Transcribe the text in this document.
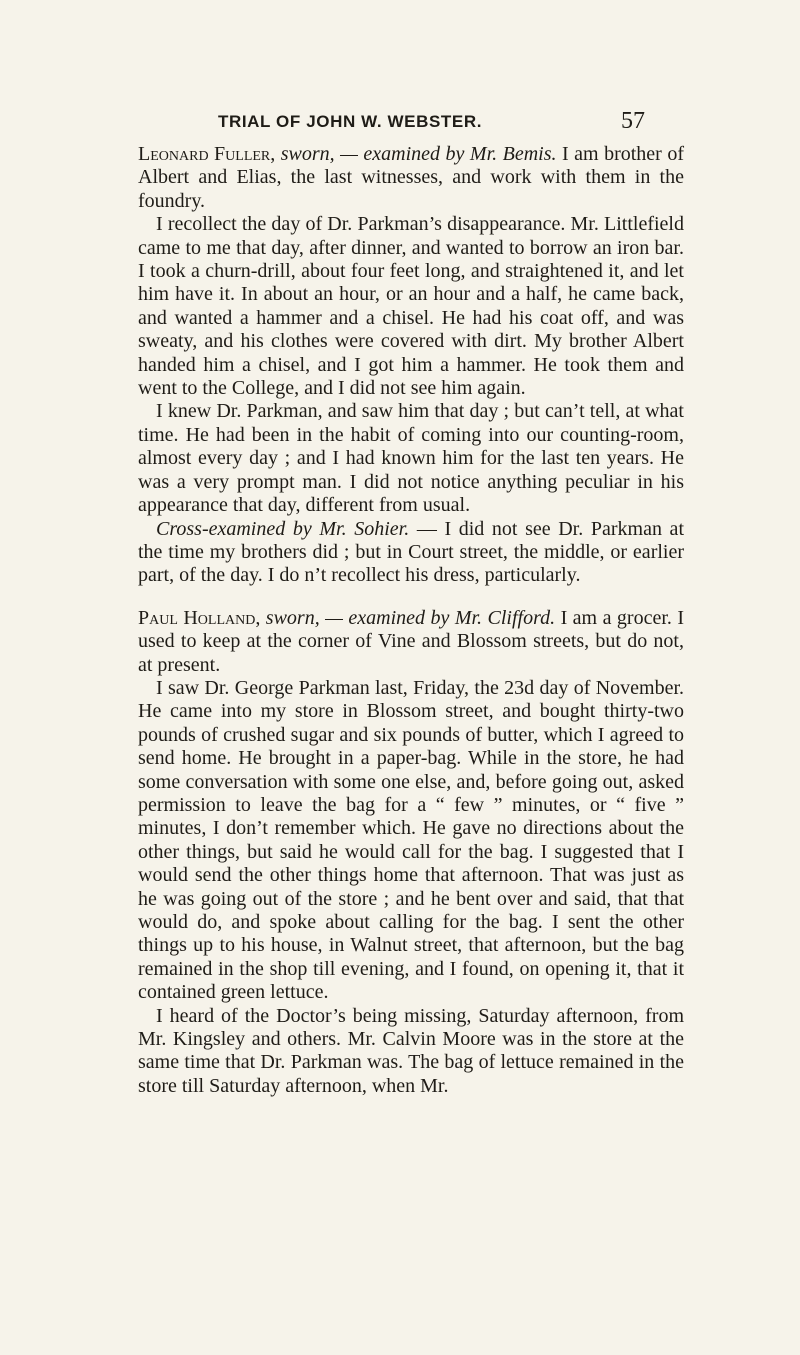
TRIAL OF JOHN W. WEBSTER.	57

Leonard Fuller, sworn, — examined by Mr. Bemis. I am brother of Albert and Elias, the last witnesses, and work with them in the foundry.

I recollect the day of Dr. Parkman’s disappearance. Mr. Littlefield came to me that day, after dinner, and wanted to borrow an iron bar. I took a churn-drill, about four feet long, and straightened it, and let him have it. In about an hour, or an hour and a half, he came back, and wanted a hammer and a chisel. He had his coat off, and was sweaty, and his clothes were covered with dirt. My brother Albert handed him a chisel, and I got him a hammer. He took them and went to the College, and I did not see him again.

I knew Dr. Parkman, and saw him that day ; but can’t tell, at what time. He had been in the habit of coming into our counting-room, almost every day ; and I had known him for the last ten years. He was a very prompt man. I did not notice anything peculiar in his appearance that day, different from usual.

Cross-examined by Mr. Sohier. — I did not see Dr. Parkman at the time my brothers did ; but in Court street, the middle, or earlier part, of the day. I do n’t recollect his dress, particularly.

Paul Holland, sworn, — examined by Mr. Clifford. I am a grocer. I used to keep at the corner of Vine and Blossom streets, but do not, at present.

I saw Dr. George Parkman last, Friday, the 23d day of November. He came into my store in Blossom street, and bought thirty-two pounds of crushed sugar and six pounds of butter, which I agreed to send home. He brought in a paper-bag. While in the store, he had some conversation with some one else, and, before going out, asked permission to leave the bag for a “ few ” minutes, or “ five ” minutes, I don’t remember which. He gave no directions about the other things, but said he would call for the bag. I suggested that I would send the other things home that afternoon. That was just as he was going out of the store ; and he bent over and said, that that would do, and spoke about calling for the bag. I sent the other things up to his house, in Walnut street, that afternoon, but the bag remained in the shop till evening, and I found, on opening it, that it contained green lettuce.

I heard of the Doctor’s being missing, Saturday afternoon, from Mr. Kingsley and others. Mr. Calvin Moore was in the store at the same time that Dr. Parkman was. The bag of lettuce remained in the store till Saturday afternoon, when Mr.
